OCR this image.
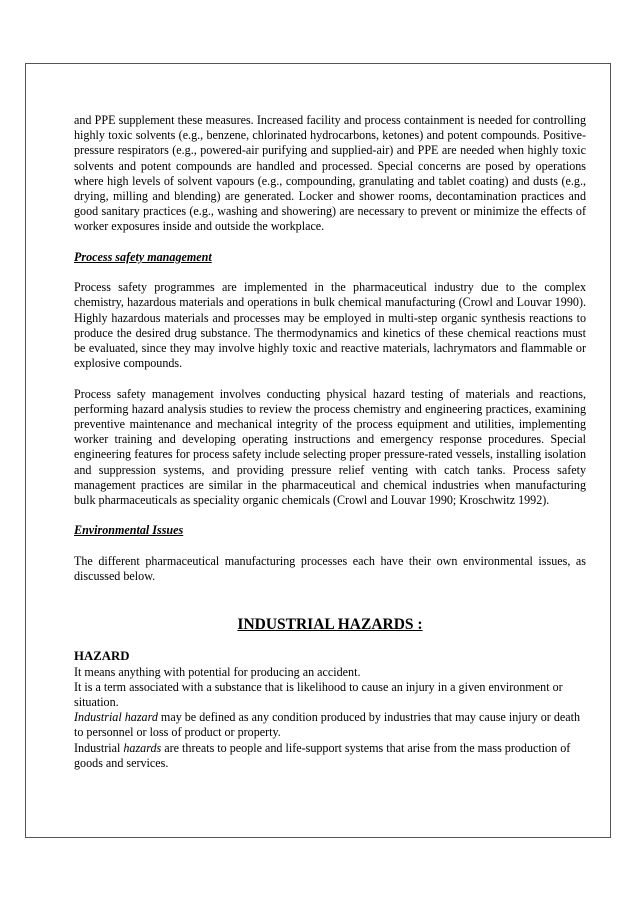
and PPE supplement these measures. Increased facility and process containment is needed for controlling highly toxic solvents (e.g., benzene, chlorinated hydrocarbons, ketones) and potent compounds. Positive-pressure respirators (e.g., powered-air purifying and supplied-air) and PPE are needed when highly toxic solvents and potent compounds are handled and processed. Special concerns are posed by operations where high levels of solvent vapours (e.g., compounding, granulating and tablet coating) and dusts (e.g., drying, milling and blending) are generated. Locker and shower rooms, decontamination practices and good sanitary practices (e.g., washing and showering) are necessary to prevent or minimize the effects of worker exposures inside and outside the workplace.

Process safety management

Process safety programmes are implemented in the pharmaceutical industry due to the complex chemistry, hazardous materials and operations in bulk chemical manufacturing (Crowl and Louvar 1990). Highly hazardous materials and processes may be employed in multi-step organic synthesis reactions to produce the desired drug substance. The thermodynamics and kinetics of these chemical reactions must be evaluated, since they may involve highly toxic and reactive materials, lachrymators and flammable or explosive compounds.

Process safety management involves conducting physical hazard testing of materials and reactions, performing hazard analysis studies to review the process chemistry and engineering practices, examining preventive maintenance and mechanical integrity of the process equipment and utilities, implementing worker training and developing operating instructions and emergency response procedures. Special engineering features for process safety include selecting proper pressure-rated vessels, installing isolation and suppression systems, and providing pressure relief venting with catch tanks. Process safety management practices are similar in the pharmaceutical and chemical industries when manufacturing bulk pharmaceuticals as speciality organic chemicals (Crowl and Louvar 1990; Kroschwitz 1992).

Environmental Issues

The different pharmaceutical manufacturing processes each have their own environmental issues, as discussed below.

INDUSTRIAL HAZARDS :
HAZARD

It means anything with potential for producing an accident.

It is a term associated with a substance that is likelihood to cause an injury in a given environment or situation.

Industrial hazard may be defined as any condition produced by industries that may cause injury or death to personnel or loss of product or property.

Industrial hazards are threats to people and life-support systems that arise from the mass production of goods and services.
